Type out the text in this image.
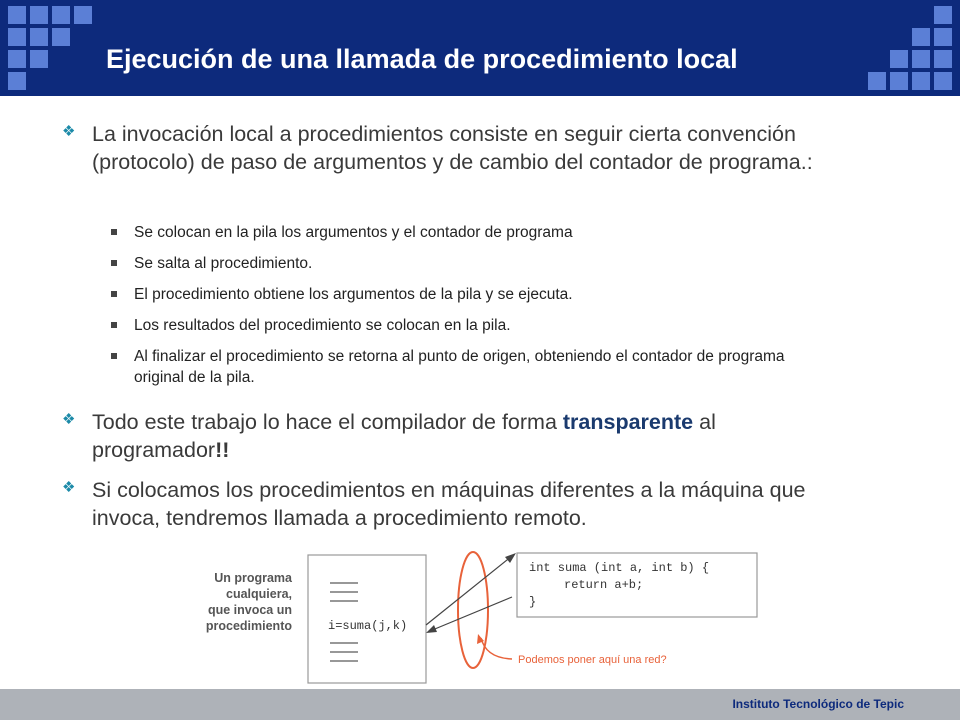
Ejecución de una llamada de procedimiento local
❖ La invocación local a procedimientos consiste en seguir cierta convención (protocolo) de paso de argumentos y de cambio del contador de programa.:
Se colocan en la pila los argumentos y el contador de programa
Se salta al procedimiento.
El procedimiento obtiene los argumentos de la pila y se ejecuta.
Los resultados del procedimiento se colocan en la pila.
Al finalizar el procedimiento se retorna al punto de origen, obteniendo el contador de programa original de la pila.
❖ Todo este trabajo lo hace el compilador de forma transparente al programador!!
❖ Si colocamos los procedimientos en máquinas diferentes a la máquina que invoca, tendremos llamada a procedimiento remoto.
Un programa
cualquiera,
que invoca un
procedimiento	i=suma(j,k)
int suma (int a, int b) {
return a+b;
}
Podemos poner aquí una red?
Instituto Tecnológico de Tepic
